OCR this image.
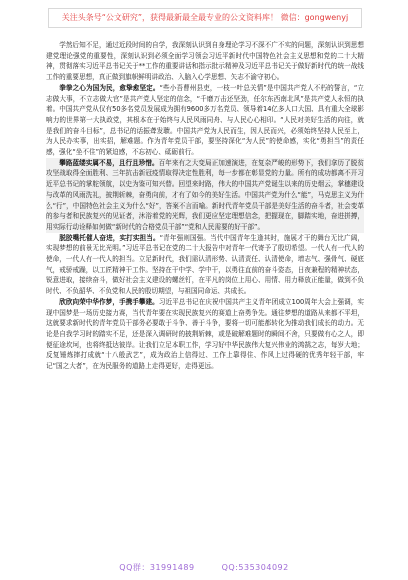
关注头条号“公文研究”，获得最新最全最专业的公文资料库！ 微信：gongwenyj

学然后知不足，通过近段时间的自学，我深刻认识到自身理论学习不深不广不实的问题，深刻认识到思想建党理论强党的重要性，深刻认识到必须全面学习领会习近平新时代中国特色社会主义思想和党的二十大精神，贯彻落实习近平总书记关于**工作的重要讲话和指示批示精神及习近平总书记关于做好新时代的统一战线工作的重要思想，真正做到旗帜鲜明讲政治、入脑入心学思想、矢志不渝守初心。

拳拳之心为国为民，愈挚愈坚定。“些小吾曹州县吏，一枝一叶总关情”是中国共产党人不朽的誓言，“立志做大事，不立志做大官”是共产党人坚定的信念，“千磨万击还坚劲，任尔东西南北风”是共产党人永恒的执着。中国共产党从仅有50多名党员发展成为拥有9600多万名党员、领导着14亿多人口大国、具有重大全球影响力的世界第一大执政党，其根本在于始终与人民风雨同舟、与人民心心相印。“人民对美好生活的向往，就是我们的奋斗目标”，总书记的话振聋发聩。中国共产党为人民而生，因人民而兴，必须始终坚持人民至上，为人民办实事，出实招，解难题。作为青年党员干部，要坚持深化“为人民”的使命感，实化“勇担当”的责任感，强化“坐不住”的紧迫感，不忘初心、砥砺前行。

攀路蓝缕实属不易，且行且珍惜。百年来有之大变局正加速演进，在复杂严峻的形势下，我们拿历了脱贫攻坚战取得全面胜利、三年抗击新冠疫情取得决定性胜利，每一步都在彰显党的力量。所有的成功都离不开习近平总书记的掌舵领航，以史为鉴可知兴替。回望来时路，伟大的中国共产党诞生以来的历史烟云，掌穗建设与改革的风雨洗礼，披荆斩棘，奋勇向前，才有了如今的美好生活。中国共产党为什么“能”，马克思主义为什么“行”，中国特色社会主义为什么“好”，答案不言而喻。新时代青年党员干部是美好生活的奋斗者，社会变革的参与者和民族复兴的见证者，沐浴着党的光辉，我们更应坚定理想信念，把握现在，脚踏实地，奋进拼搏，用实际行动诠释如何做“新时代的合格党员干部”“党和人民需要的好干部”。

脱胶嘴托催人奋进，实打实担当。“青年强则国强。当代中国青年生逢其时，施展才干的舞台无比广阔，实现梦想的前景无比光明。”习近平总书记在党的二十大报告中对青年一代寄予了殷切希望。一代人有一代人的使命，一代人有一代人的担当。立足新时代，我们需认清形势、认清责任、认清使命，增志气、强骨气、硬底气，戒骄戒躁，以工匠精神干工作。坚持在干中学、学中干，以勇往直前的奋斗姿态，日夜兼程的精神状态，锐意进取，接续奋斗，做好社会主义建设的螺丝钉，在平凡的岗位上用心、用情、用力释放正能量，做到不负时代、不负韶华、不负党和人民的殷切期望，与祖国同命运、共成长。

欣欣向荣中华作梦，手携手攀建。习近平总书记在庆祝中国共产主义青年团成立100周年大会上强调，实现中国梦是一场历史接力赛，当代青年要在实现民族复兴的赛道上奋勇争先。通往梦想的道路从来都不平坦，这就要求新时代的青年党员干部务必要敢于斗争、善于斗争，要将一切可能都转化为推动我们成长的动力。无论是自我学习时的踏实不足，还是深入调研时的披荆斩棘，或是破解难题时的瞬间不舍，只要做有心之人，即便征途坎坷，也将终抵达彼岸。让我们立足本职工作，学习好中华民族伟大复兴伟业的鸿鹄之志，每岁大地；反复锤炼摔打成就“十八般武艺”，成为政治上信得过、工作上靠得住、作风上过得硬的优秀年轻干部，牢记“国之大者”，在为民服务的道路上走得更好，走得更远。

QQ群：31991489	QQ:535304092
